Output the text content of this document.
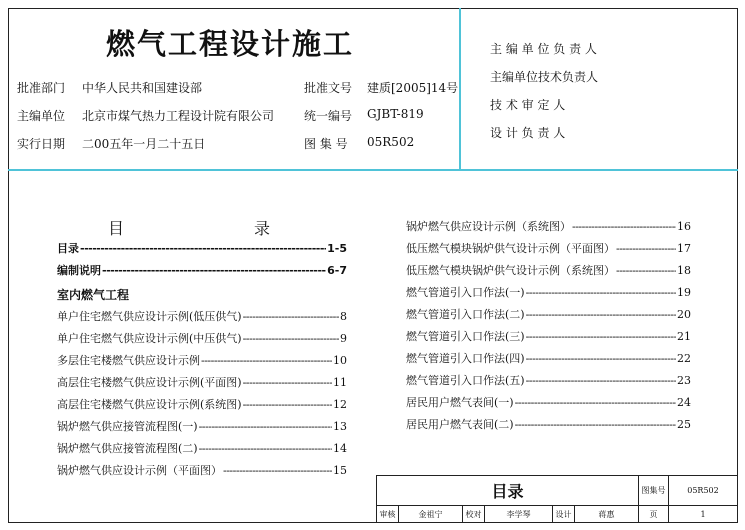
燃气工程设计施工
批准部门 中华人民共和国建设部	批准文号 建质[2005]14号
主编单位 北京市煤气热力工程设计院有限公司 统一编号 GJBT-819
实行日期 二00五年一月二十五日	图 集 号 05R502
主 编 单 位 负 责 人
主编单位技术负责人
技 术 审 定 人
设 计 负 责 人
目	录
目录 -----	1-5
编制说明 -----	6-7
室内燃气工程
单户住宅燃气供应设计示例(低压供气) -----	8
单户住宅燃气供应设计示例(中压供气) -----	9
多层住宅楼燃气供应设计示例 -----	10
高层住宅楼燃气供应设计示例(平面图) -----	11
高层住宅楼燃气供应设计示例(系统图) -----	12
锅炉燃气供应接管流程图(一) -----	13
锅炉燃气供应接管流程图(二) -----	14
锅炉燃气供应设计示例（平面图） -----	15
锅炉燃气供应设计示例（系统图） -----	16
低压燃气模块锅炉供气设计示例（平面图） -----	17
低压燃气模块锅炉供气设计示例（系统图） -----	18
燃气管道引入口作法(一) -----	19
燃气管道引入口作法(二) -----	20
燃气管道引入口作法(三) -----	21
燃气管道引入口作法(四) -----	22
燃气管道引入口作法(五) -----	23
居民用户燃气表间(一) -----	24
居民用户燃气表间(二) -----	25
目录	图集号	05R502
审核	金祖宁	校对	李学琴	设计	蒋惠	页	1
